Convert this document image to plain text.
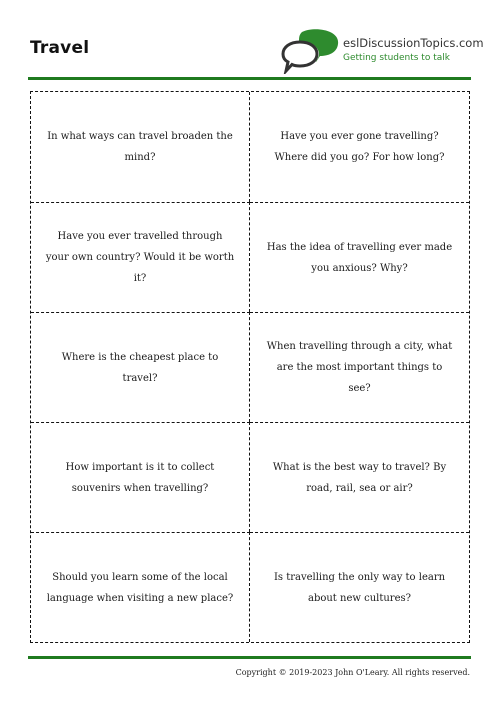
Travel	eslDiscussionTopics.com
Getting students to talk
In what ways can travel broaden the mind?
Have you ever gone travelling? Where did you go? For how long?
Have you ever travelled through your own country? Would it be worth it?
Has the idea of travelling ever made you anxious? Why?
Where is the cheapest place to travel?
When travelling through a city, what are the most important things to see?
How important is it to collect souvenirs when travelling?
What is the best way to travel? By road, rail, sea or air?
Should you learn some of the local language when visiting a new place?
Is travelling the only way to learn about new cultures?
Copyright © 2019-2023 John O'Leary. All rights reserved.
